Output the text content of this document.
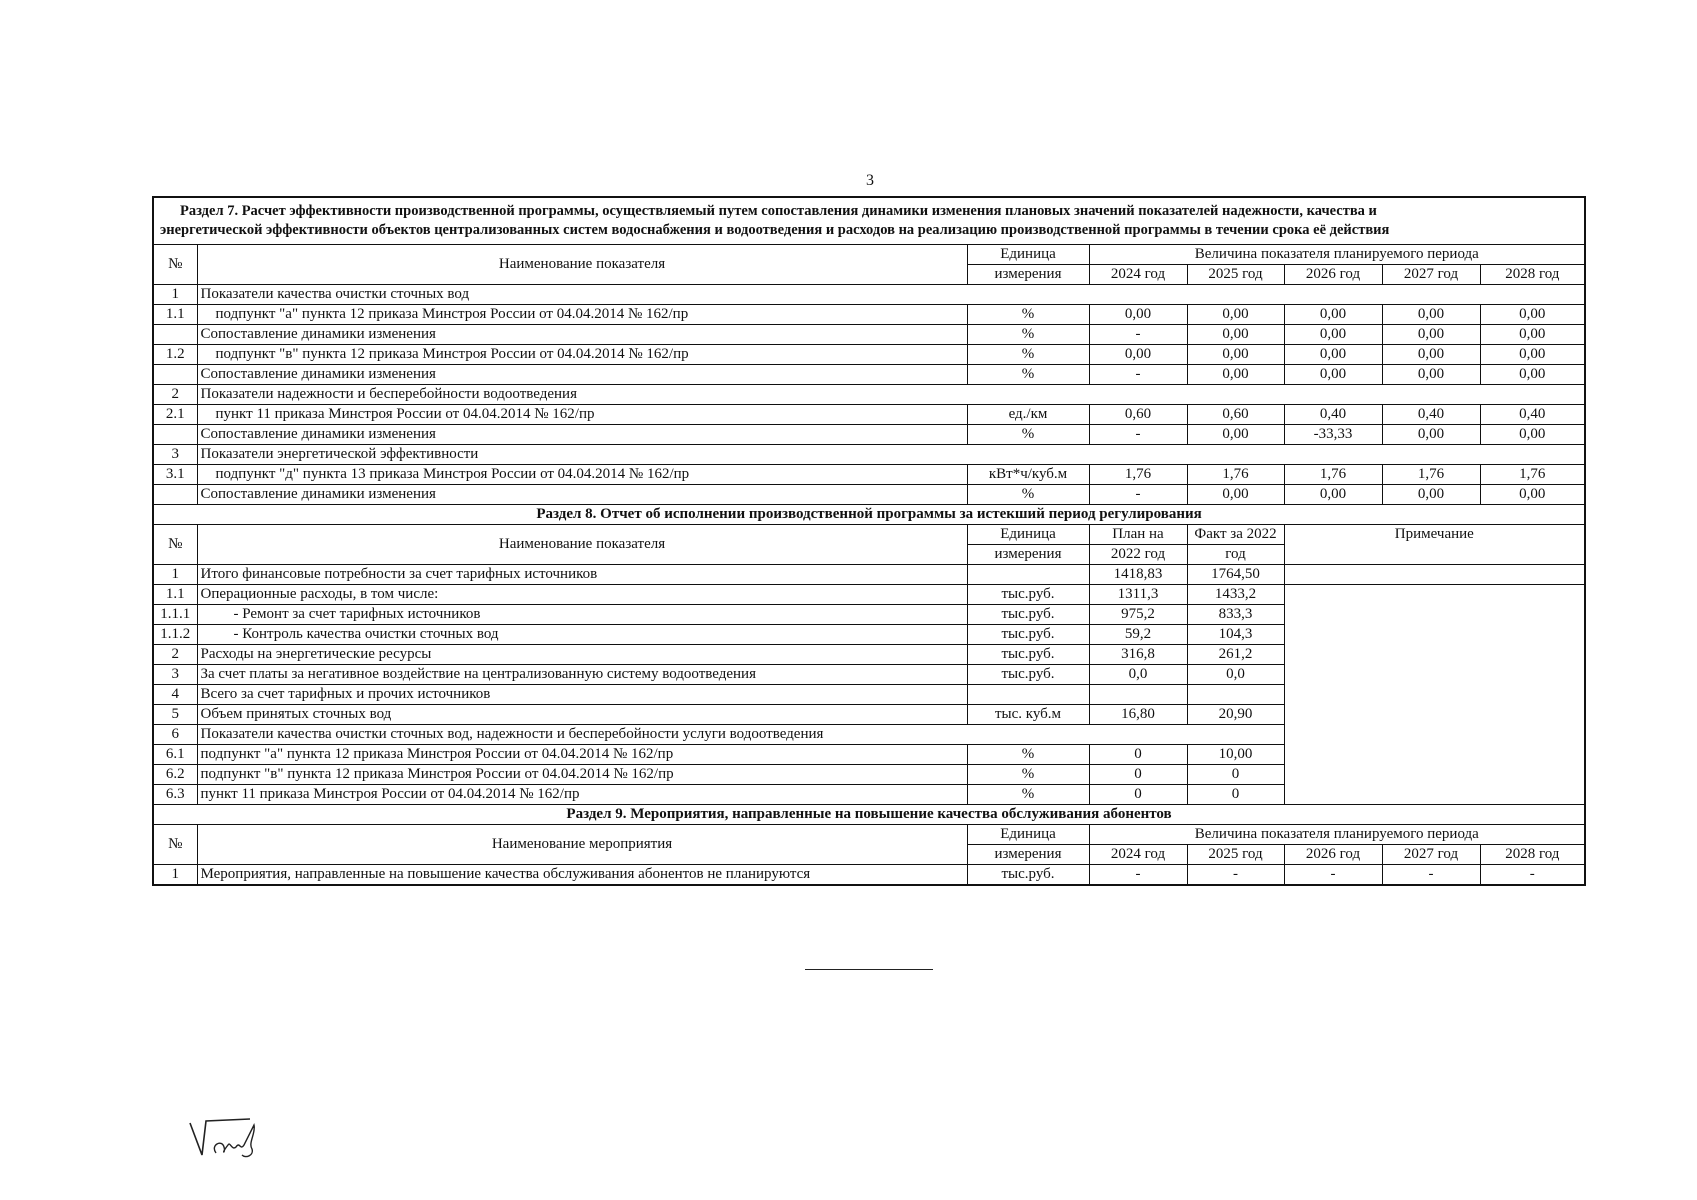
3
Раздел 7. Расчет эффективности производственной программы, осуществляемый путем сопоставления динамики изменения плановых значений показателей надежности, качества и
энергетической эффективности объектов централизованных систем водоснабжения и водоотведения и расходов на реализацию производственной программы в течении срока её действия							

№	Наименование показателя	Единица	Величина показателя планируемого периода				
		измерения	2024 год	2025 год	2026 год	2027 год	2028 год
1	Показатели качества очистки сточных вод						
1.1	подпункт "а" пункта 12 приказа Минстроя России от 04.04.2014 № 162/пр	%	0,00	0,00	0,00	0,00	0,00
	Сопоставление динамики изменения	%	-	0,00	0,00	0,00	0,00
1.2	подпункт "в" пункта 12 приказа Минстроя России от 04.04.2014 № 162/пр	%	0,00	0,00	0,00	0,00	0,00
	Сопоставление динамики изменения	%	-	0,00	0,00	0,00	0,00
2	Показатели надежности и бесперебойности водоотведения						
2.1	пункт 11 приказа Минстроя России от 04.04.2014 № 162/пр	ед./км	0,60	0,60	0,40	0,40	0,40
	Сопоставление динамики изменения	%	-	0,00	-33,33	0,00	0,00
3	Показатели энергетической эффективности						
3.1	подпункт "д" пункта 13 приказа Минстроя России от 04.04.2014 № 162/пр	кВт*ч/куб.м	1,76	1,76	1,76	1,76	1,76
	Сопоставление динамики изменения	%	-	0,00	0,00	0,00	0,00
Раздел 8. Отчет об исполнении производственной программы за истекший период регулирования							
№	Наименование показателя	Единица	План на	Факт за 2022	Примечание		
		измерения	2022 год	год			
1	Итого финансовые потребности за счет тарифных источников		1418,83	1764,50			
1.1	Операционные расходы, в том числе:	тыс.руб.	1311,3	1433,2			
1.1.1	- Ремонт за счет тарифных источников	тыс.руб.	975,2	833,3			
1.1.2	- Контроль качества очистки сточных вод	тыс.руб.	59,2	104,3			
2	Расходы на энергетические ресурсы	тыс.руб.	316,8	261,2			
3	За счет платы за негативное воздействие на централизованную систему водоотведения	тыс.руб.	0,0	0,0			
4	Всего за счет тарифных и прочих источников						
5	Объем принятых сточных вод	тыс. куб.м	16,80	20,90			
6	Показатели качества очистки сточных вод, надежности и бесперебойности услуги водоотведения						
6.1	подпункт "а" пункта 12 приказа Минстроя России от 04.04.2014 № 162/пр	%	0	10,00			
6.2	подпункт "в" пункта 12 приказа Минстроя России от 04.04.2014 № 162/пр	%	0	0			
6.3	пункт 11 приказа Минстроя России от 04.04.2014 № 162/пр	%	0	0			
Раздел 9. Мероприятия, направленные на повышение качества обслуживания абонентов							
№	Наименование мероприятия	Единица	Величина показателя планируемого периода				
		измерения	2024 год	2025 год	2026 год	2027 год	2028 год
1	Мероприятия, направленные на повышение качества обслуживания абонентов не планируются	тыс.руб.	-	-	-	-	-
